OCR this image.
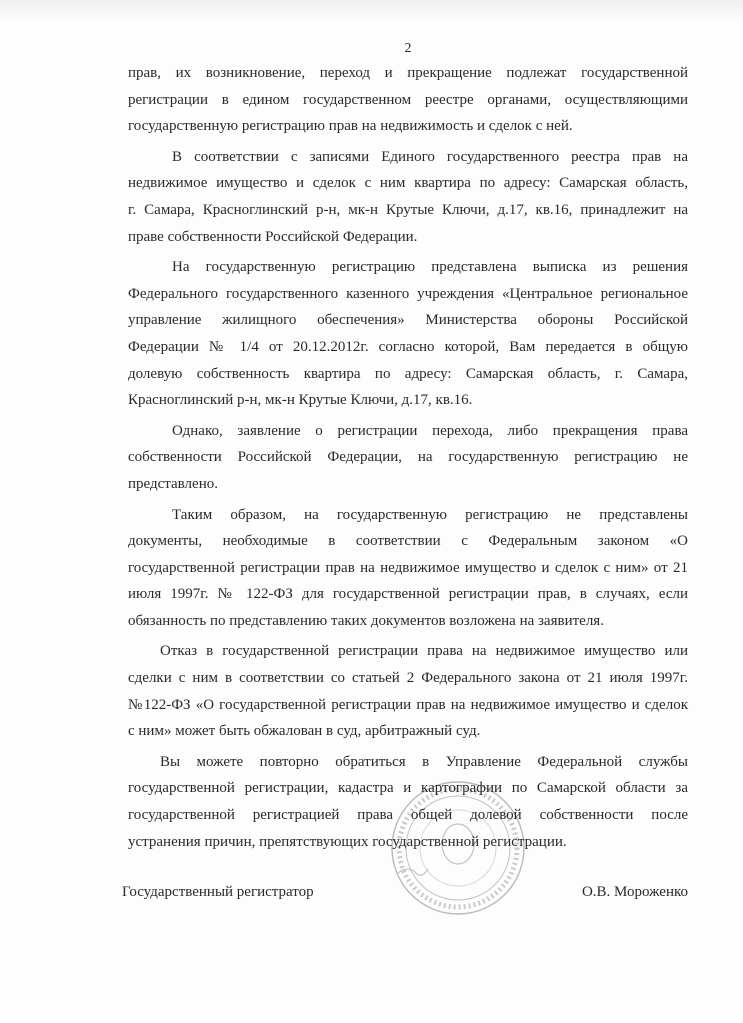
2
прав, их возникновение, переход и прекращение подлежат государственной
регистрации в едином государственном реестре органами, осуществляющими
государственную регистрацию прав на недвижимость и сделок с ней.
В соответствии с записями Единого государственного реестра прав на
недвижимое имущество и сделок с ним квартира по адресу: Самарская область,
г. Самара, Красноглинский р-н, мк-н Крутые Ключи, д.17, кв.16, принадлежит на
праве собственности Российской Федерации.
На государственную регистрацию представлена выписка из решения
Федерального государственного казенного учреждения «Центральное региональное
управление жилищного обеспечения» Министерства обороны Российской
Федерации № 1/4 от 20.12.2012г. согласно которой, Вам передается в общую
долевую собственность квартира по адресу: Самарская область, г. Самара,
Красноглинский р-н, мк-н Крутые Ключи, д.17, кв.16.
Однако, заявление о регистрации перехода, либо прекращения права
собственности Российской Федерации, на государственную регистрацию не
представлено.
Таким образом, на государственную регистрацию не представлены
документы, необходимые в соответствии с Федеральным законом «О
государственной регистрации прав на недвижимое имущество и сделок с ним» от 21
июля 1997г. № 122-ФЗ для государственной регистрации прав, в случаях, если
обязанность по представлению таких документов возложена на заявителя.
Отказ в государственной регистрации права на недвижимое имущество или
сделки с ним в соответствии со статьей 2 Федерального закона от 21 июля 1997г.
№122-ФЗ «О государственной регистрации прав на недвижимое имущество и сделок
с ним» может быть обжалован в суд, арбитражный суд.
Вы можете повторно обратиться в Управление Федеральной службы
государственной регистрации, кадастра и картографии по Самарской области за
государственной регистрацией права общей долевой собственности после
устранения причин, препятствующих государственной регистрации.
Государственный регистратор	О.В. Мороженко
